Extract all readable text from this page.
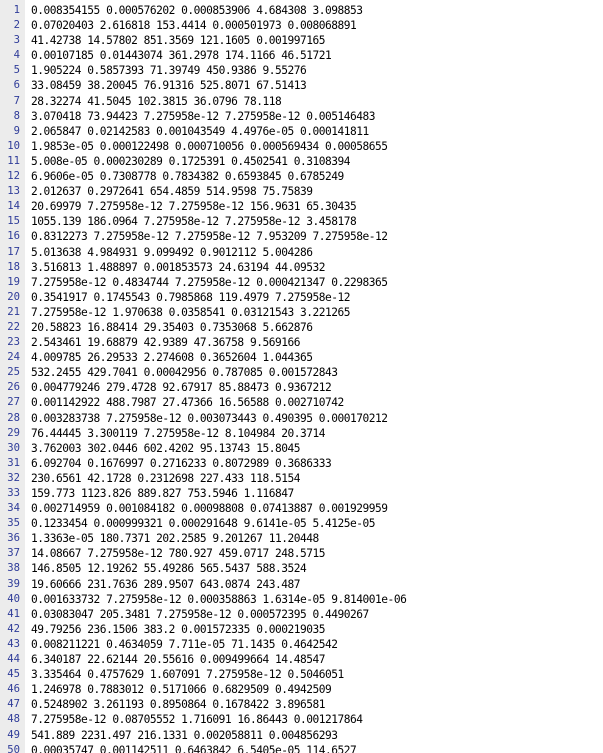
1 0.008354155 0.000576202 0.000853906 4.684308 3.098853
2 0.07020403 2.616818 153.4414 0.000501973 0.008068891
3 41.42738 14.57802 851.3569 121.1605 0.001997165
4 0.00107185 0.01443074 361.2978 174.1166 46.51721
5 1.905224 0.5857393 71.39749 450.9386 9.55276
6 33.08459 38.20045 76.91316 525.8071 67.51413
7 28.32274 41.5045 102.3815 36.0796 78.118
8 3.070418 73.94423 7.275958e-12 7.275958e-12 0.005146483
9 2.065847 0.02142583 0.001043549 4.4976e-05 0.000141811
10 1.9853e-05 0.000122498 0.000710056 0.000569434 0.00058655
11 5.008e-05 0.000230289 0.1725391 0.4502541 0.3108394
12 6.9606e-05 0.7308778 0.7834382 0.6593845 0.6785249
13 2.012637 0.2972641 654.4859 514.9598 75.75839
14 20.69979 7.275958e-12 7.275958e-12 156.9631 65.30435
15 1055.139 186.0964 7.275958e-12 7.275958e-12 3.458178
16 0.8312273 7.275958e-12 7.275958e-12 7.953209 7.275958e-12
17 5.013638 4.984931 9.099492 0.9012112 5.004286
18 3.516813 1.488897 0.001853573 24.63194 44.09532
19 7.275958e-12 0.4834744 7.275958e-12 0.000421347 0.2298365
20 0.3541917 0.1745543 0.7985868 119.4979 7.275958e-12
21 7.275958e-12 1.970638 0.0358541 0.03121543 3.221265
22 20.58823 16.88414 29.35403 0.7353068 5.662876
23 2.543461 19.68879 42.9389 47.36758 9.569166
24 4.009785 26.29533 2.274608 0.3652604 1.044365
25 532.2455 429.7041 0.00042956 0.787085 0.001572843
26 0.004779246 279.4728 92.67917 85.88473 0.9367212
27 0.001142922 488.7987 27.47366 16.56588 0.002710742
28 0.003283738 7.275958e-12 0.003073443 0.490395 0.000170212
29 76.44445 3.300119 7.275958e-12 8.104984 20.3714
30 3.762003 302.0446 602.4202 95.13743 15.8045
31 6.092704 0.1676997 0.2716233 0.8072989 0.3686333
32 230.6561 42.1728 0.2312698 227.433 118.5154
33 159.773 1123.826 889.827 753.5946 1.116847
34 0.002714959 0.001084182 0.00098808 0.07413887 0.001929959
35 0.1233454 0.000999321 0.000291648 9.6141e-05 5.4125e-05
36 1.3363e-05 180.7371 202.2585 9.201267 11.20448
37 14.08667 7.275958e-12 780.927 459.0717 248.5715
38 146.8505 12.19262 55.49286 565.5437 588.3524
39 19.60666 231.7636 289.9507 643.0874 243.487
40 0.001633732 7.275958e-12 0.000358863 1.6314e-05 9.814001e-06
41 0.03083047 205.3481 7.275958e-12 0.000572395 0.4490267
42 49.79256 236.1506 383.2 0.001572335 0.000219035
43 0.008211221 0.4634059 7.711e-05 71.1435 0.4642542
44 6.340187 22.62144 20.55616 0.009499664 14.48547
45 3.335464 0.4757629 1.607091 7.275958e-12 0.5046051
46 1.246978 0.7883012 0.5171066 0.6829509 0.4942509
47 0.5248902 3.261193 0.8950864 0.1678422 3.896581
48 7.275958e-12 0.08705552 1.716091 16.86443 0.001217864
49 541.889 2231.497 216.1331 0.002058811 0.004856293
50 0.00035747 0.001142511 0.6463842 6.5405e-05 114.6527
